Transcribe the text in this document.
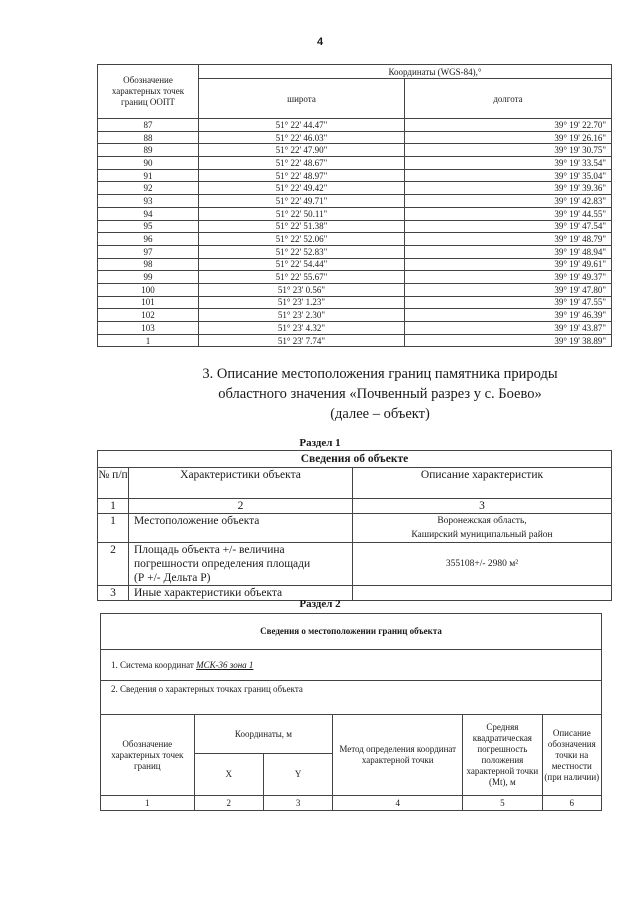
4
Обозначение характерных точек границ ООПТ	Координаты (WGS-84),°	
	широта	долгота
87	51° 22' 44.47"	39° 19' 22.70"
88	51° 22' 46.03"	39° 19' 26.16"
89	51° 22' 47.90"	39° 19' 30.75"
90	51° 22' 48.67"	39° 19' 33.54"
91	51° 22' 48.97"	39° 19' 35.04"
92	51° 22' 49.42"	39° 19' 39.36"
93	51° 22' 49.71"	39° 19' 42.83"
94	51° 22' 50.11"	39° 19' 44.55"
95	51° 22' 51.38"	39° 19' 47.54"
96	51° 22' 52.06"	39° 19' 48.79"
97	51° 22' 52.83"	39° 19' 48.94"
98	51° 22' 54.44"	39° 19' 49.61"
99	51° 22' 55.67"	39° 19' 49.37"
100	51° 23' 0.56"	39° 19' 47.80"
101	51° 23' 1.23"	39° 19' 47.55"
102	51° 23' 2.30"	39° 19' 46.39"
103	51° 23' 4.32"	39° 19' 43.87"
1	51° 23' 7.74"	39° 19' 38.89"
3. Описание местоположения границ памятника природы
областного значения «Почвенный разрез у с. Боево»
(далее – объект)
Раздел 1
Сведения об объекте		
№ п/п	Характеристики объекта	Описание характеристик
1	2	3
1	Местоположение объекта	Воронежская область,
Каширский муниципальный район

2	Площадь объекта +/- величина
погрешности определения площади
(Р +/- Дельта Р)	355108+/- 2980 м²
3	Иные характеристики объекта	
Раздел 2
Сведения о местоположении границ объекта					
1. Система координат МСК-36 зона 1					
2. Сведения о характерных точках границ объекта					
Обозначение характерных точек границ	Координаты, м		Метод определения координат характерной точки	Средняя квадратическая погрешность положения характерной точки (Mt), м	Описание обозначения точки на местности (при наличии)
	X	Y			
1	2	3	4	5	6
